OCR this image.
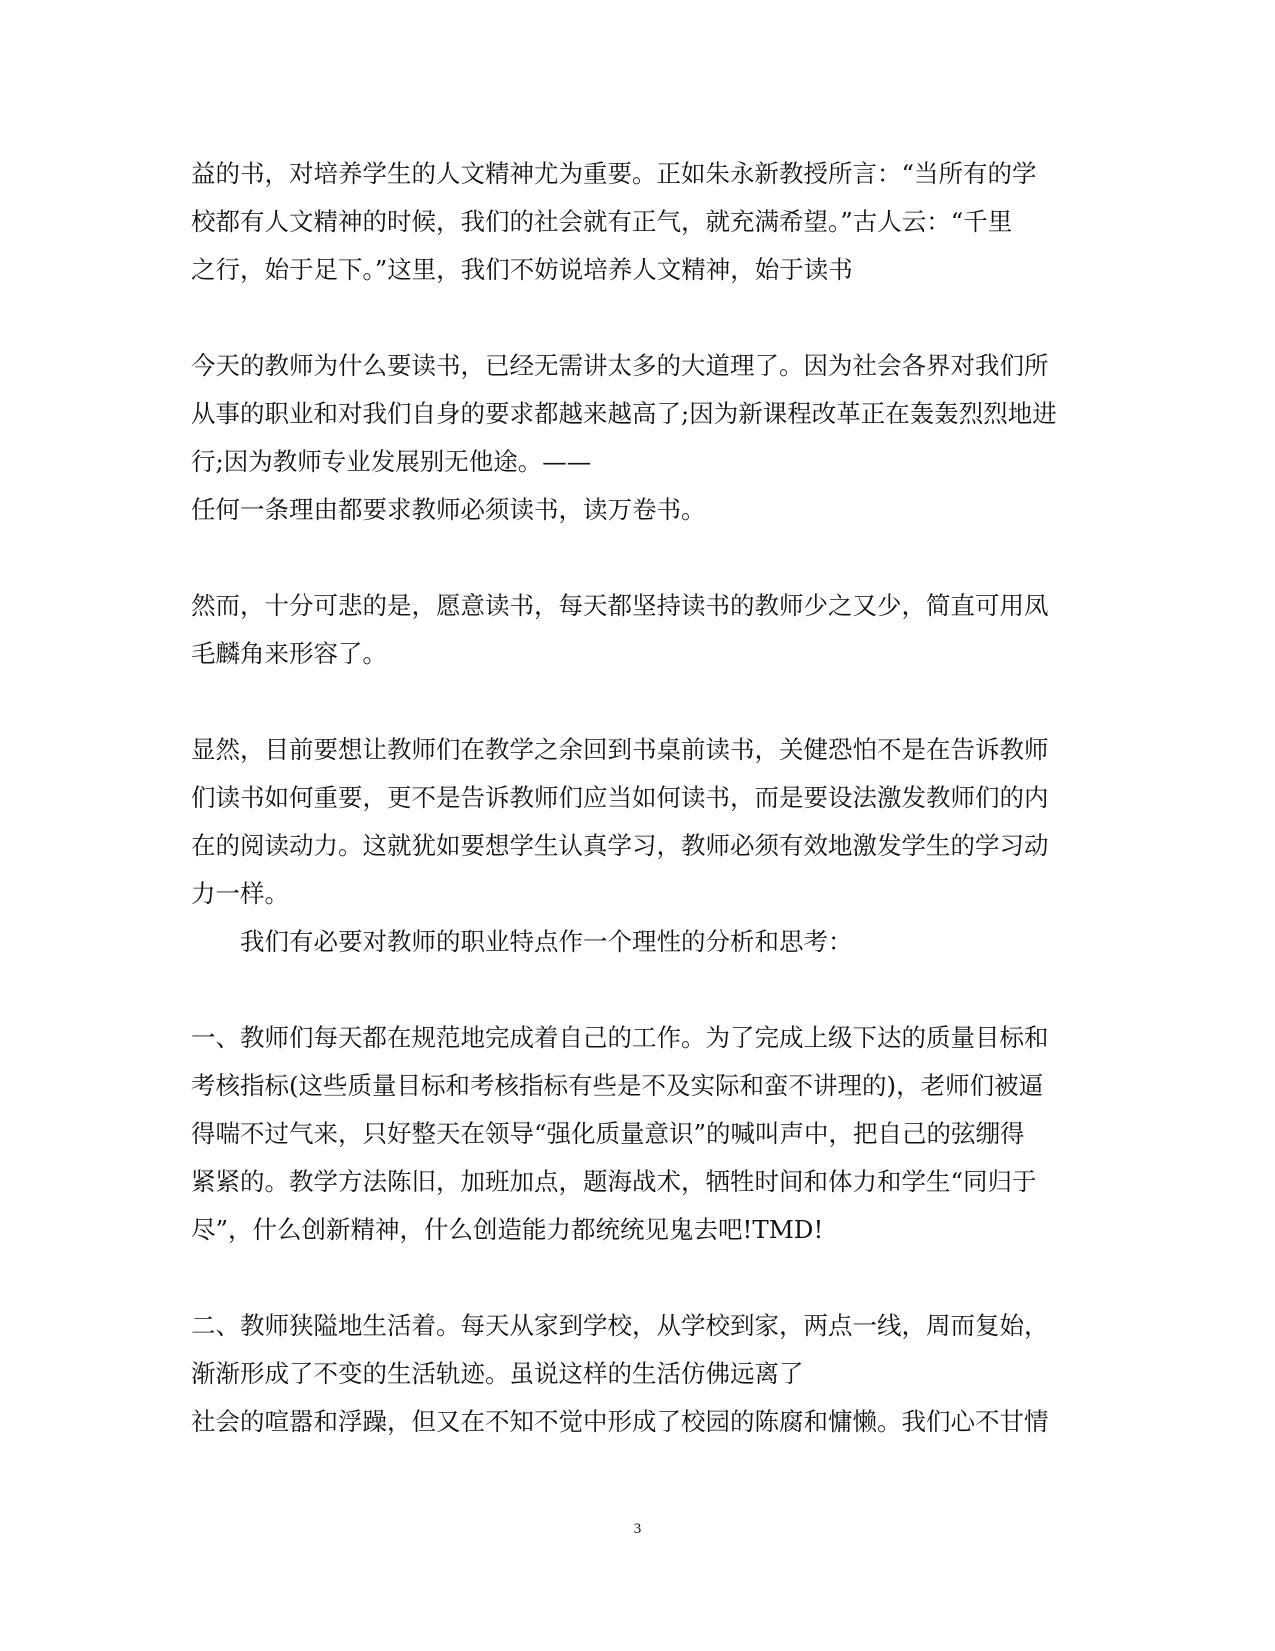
益的书，对培养学生的人文精神尤为重要。正如朱永新教授所言：“当所有的学
校都有人文精神的时候，我们的社会就有正气，就充满希望。”古人云：“千里
之行，始于足下。”这里，我们不妨说培养人文精神，始于读书
今天的教师为什么要读书，已经无需讲太多的大道理了。因为社会各界对我们所
从事的职业和对我们自身的要求都越来越高了;因为新课程改革正在轰轰烈烈地进
行;因为教师专业发展别无他途。——
任何一条理由都要求教师必须读书，读万卷书。
然而，十分可悲的是，愿意读书，每天都坚持读书的教师少之又少，简直可用凤
毛麟角来形容了。
显然，目前要想让教师们在教学之余回到书桌前读书，关健恐怕不是在告诉教师
们读书如何重要，更不是告诉教师们应当如何读书，而是要设法激发教师们的内
在的阅读动力。这就犹如要想学生认真学习，教师必须有效地激发学生的学习动
力一样。
我们有必要对教师的职业特点作一个理性的分析和思考：
一、教师们每天都在规范地完成着自己的工作。为了完成上级下达的质量目标和
考核指标(这些质量目标和考核指标有些是不及实际和蛮不讲理的)，老师们被逼
得喘不过气来，只好整天在领导“强化质量意识”的喊叫声中，把自己的弦绷得
紧紧的。教学方法陈旧，加班加点，题海战术，牺牲时间和体力和学生“同归于
尽”，什么创新精神，什么创造能力都统统见鬼去吧!TMD!
二、教师狭隘地生活着。每天从家到学校，从学校到家，两点一线，周而复始，
渐渐形成了不变的生活轨迹。虽说这样的生活仿佛远离了
社会的喧嚣和浮躁，但又在不知不觉中形成了校园的陈腐和慵懒。我们心不甘情
3
